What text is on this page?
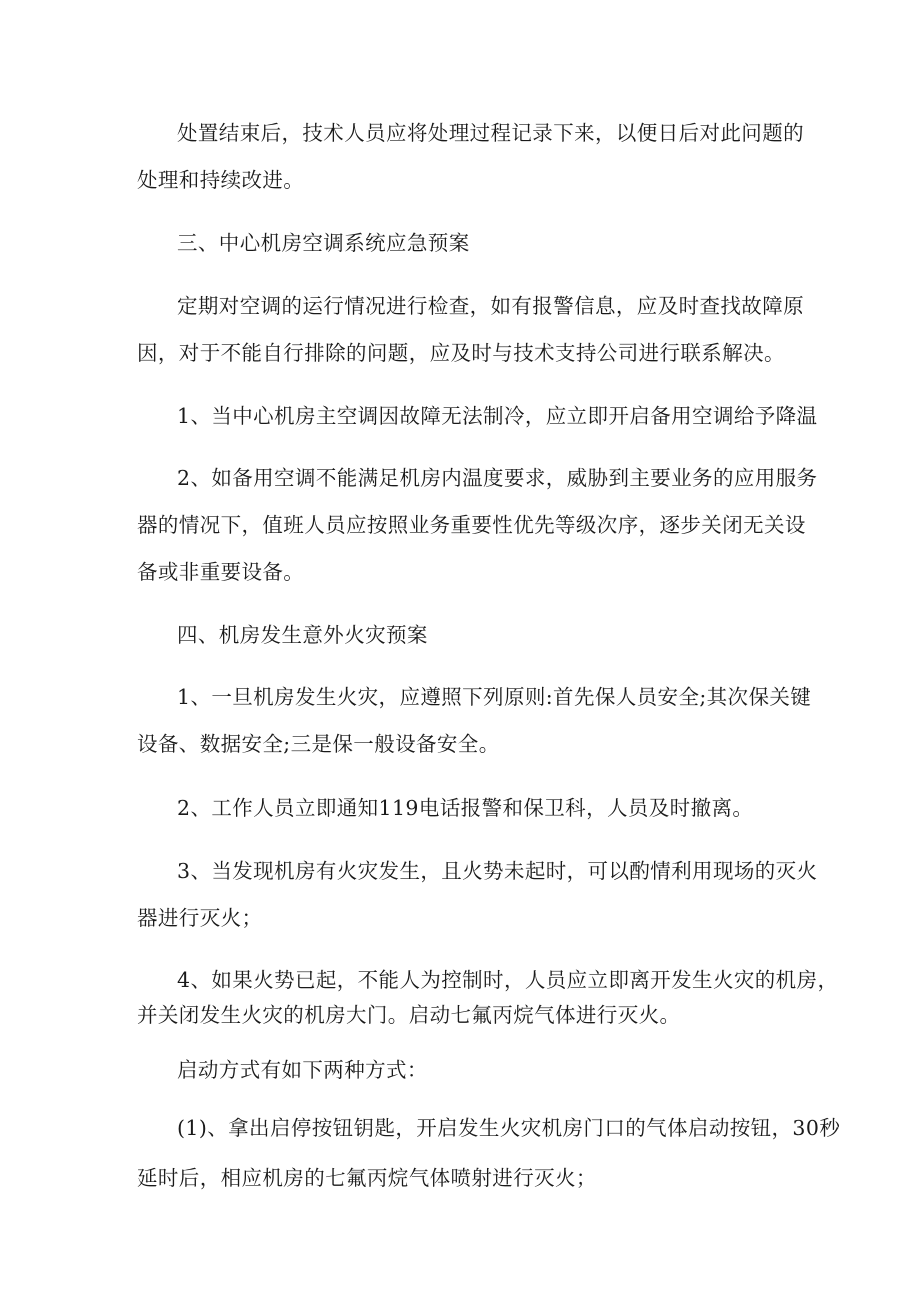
处置结束后，技术人员应将处理过程记录下来，以便日后对此问题的
处理和持续改进。
三、中心机房空调系统应急预案
定期对空调的运行情况进行检查，如有报警信息，应及时查找故障原
因，对于不能自行排除的问题，应及时与技术支持公司进行联系解决。
1、当中心机房主空调因故障无法制冷，应立即开启备用空调给予降温
2、如备用空调不能满足机房内温度要求，威胁到主要业务的应用服务
器的情况下，值班人员应按照业务重要性优先等级次序，逐步关闭无关设
备或非重要设备。
四、机房发生意外火灾预案
1、一旦机房发生火灾，应遵照下列原则:首先保人员安全;其次保关键
设备、数据安全;三是保一般设备安全。
2、工作人员立即通知119电话报警和保卫科，人员及时撤离。
3、当发现机房有火灾发生，且火势未起时，可以酌情利用现场的灭火
器进行灭火；
4、如果火势已起，不能人为控制时，人员应立即离开发生火灾的机房，
并关闭发生火灾的机房大门。启动七氟丙烷气体进行灭火。
启动方式有如下两种方式：
(1)、拿出启停按钮钥匙，开启发生火灾机房门口的气体启动按钮，30秒
延时后，相应机房的七氟丙烷气体喷射进行灭火；
